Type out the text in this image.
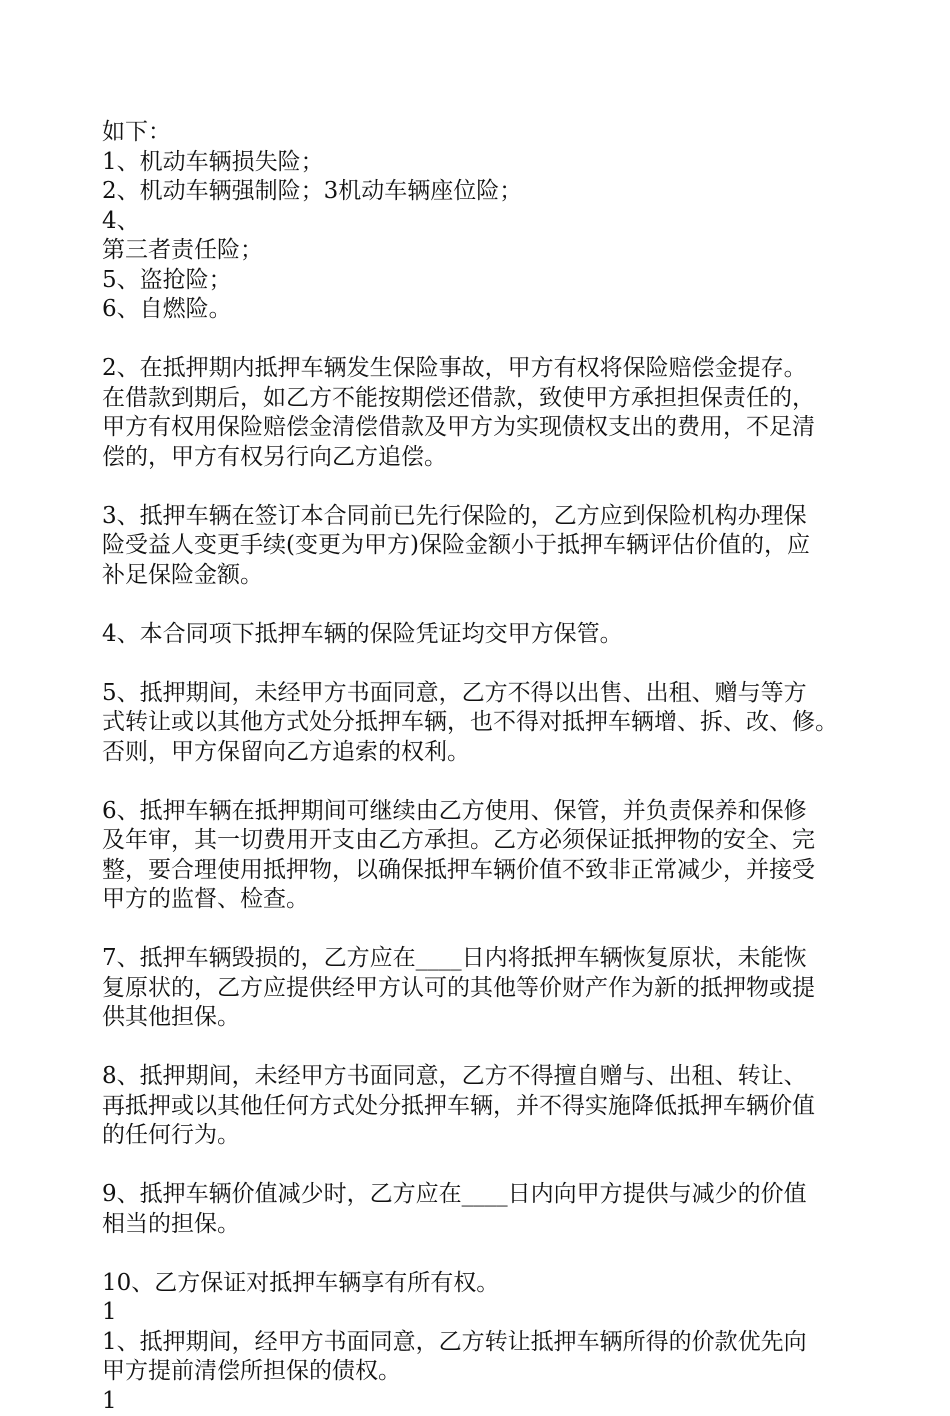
如下：
1、机动车辆损失险；
2、机动车辆强制险；3机动车辆座位险；
4、
第三者责任险；
5、盗抢险；
6、自燃险。
2、在抵押期内抵押车辆发生保险事故，甲方有权将保险赔偿金提存。
在借款到期后，如乙方不能按期偿还借款，致使甲方承担担保责任的，
甲方有权用保险赔偿金清偿借款及甲方为实现债权支出的费用，不足清
偿的，甲方有权另行向乙方追偿。
3、抵押车辆在签订本合同前已先行保险的，乙方应到保险机构办理保
险受益人变更手续(变更为甲方)保险金额小于抵押车辆评估价值的，应
补足保险金额。
4、本合同项下抵押车辆的保险凭证均交甲方保管。
5、抵押期间，未经甲方书面同意，乙方不得以出售、出租、赠与等方
式转让或以其他方式处分抵押车辆，也不得对抵押车辆增、拆、改、修。
否则，甲方保留向乙方追索的权利。
6、抵押车辆在抵押期间可继续由乙方使用、保管，并负责保养和保修
及年审，其一切费用开支由乙方承担。乙方必须保证抵押物的安全、完
整，要合理使用抵押物，以确保抵押车辆价值不致非正常减少，并接受
甲方的监督、检查。
7、抵押车辆毁损的，乙方应在____日内将抵押车辆恢复原状，未能恢
复原状的，乙方应提供经甲方认可的其他等价财产作为新的抵押物或提
供其他担保。
8、抵押期间，未经甲方书面同意，乙方不得擅自赠与、出租、转让、
再抵押或以其他任何方式处分抵押车辆，并不得实施降低抵押车辆价值
的任何行为。
9、抵押车辆价值减少时，乙方应在____日内向甲方提供与减少的价值
相当的担保。
10、乙方保证对抵押车辆享有所有权。
1
1、抵押期间，经甲方书面同意，乙方转让抵押车辆所得的价款优先向
甲方提前清偿所担保的债权。
1
